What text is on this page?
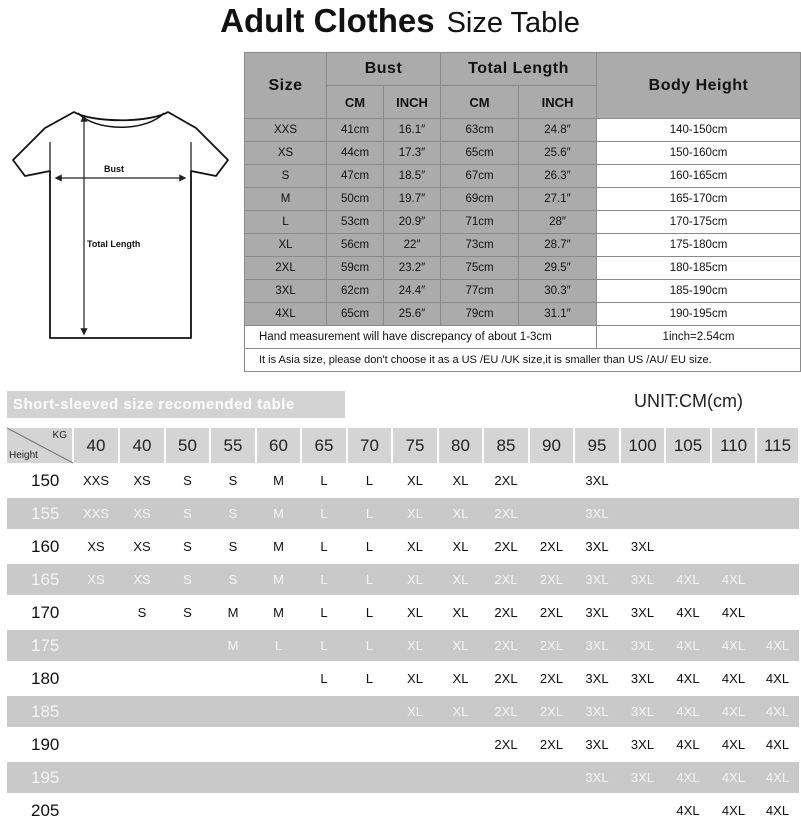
Adult Clothes Size Table
Bust
Total Length
Size	Bust		Total Length		Body Height
	CM	INCH	CM	INCH	
XXS	41cm	16.1″	63cm	24.8″	140-150cm
XS	44cm	17.3″	65cm	25.6″	150-160cm
S	47cm	18.5″	67cm	26.3″	160-165cm
M	50cm	19.7″	69cm	27.1″	165-170cm
L	53cm	20.9″	71cm	28″	170-175cm
XL	56cm	22″	73cm	28.7″	175-180cm
2XL	59cm	23.2″	75cm	29.5″	180-185cm
3XL	62cm	24.4″	77cm	30.3″	185-190cm
4XL	65cm	25.6″	79cm	31.1″	190-195cm
Hand measurement will have discrepancy of about 1-3cm					1inch=2.54cm
It is Asia size, please don't choose it as a US /EU /UK size,it is smaller than US /AU/ EU size.					
Short-sleeved size recomended table	UNIT:CM(cm)
KG
Height	40	40	50	55	60	65	70	75	80	85	90	95	100	105	110	115

150	XXS	XS	S	S	M	L	L	XL	XL	2XL		3XL				

155	XXS	XS	S	S	M	L	L	XL	XL	2XL		3XL				

160	XS	XS	S	S	M	L	L	XL	XL	2XL	2XL	3XL	3XL			

165	XS	XS	S	S	M	L	L	XL	XL	2XL	2XL	3XL	3XL	4XL	4XL	

170		S	S	M	M	L	L	XL	XL	2XL	2XL	3XL	3XL	4XL	4XL	

175				M	L	L	L	XL	XL	2XL	2XL	3XL	3XL	4XL	4XL	4XL

180						L	L	XL	XL	2XL	2XL	3XL	3XL	4XL	4XL	4XL

185								XL	XL	2XL	2XL	3XL	3XL	4XL	4XL	4XL

190										2XL	2XL	3XL	3XL	4XL	4XL	4XL

195												3XL	3XL	4XL	4XL	4XL

205														4XL	4XL	4XL
